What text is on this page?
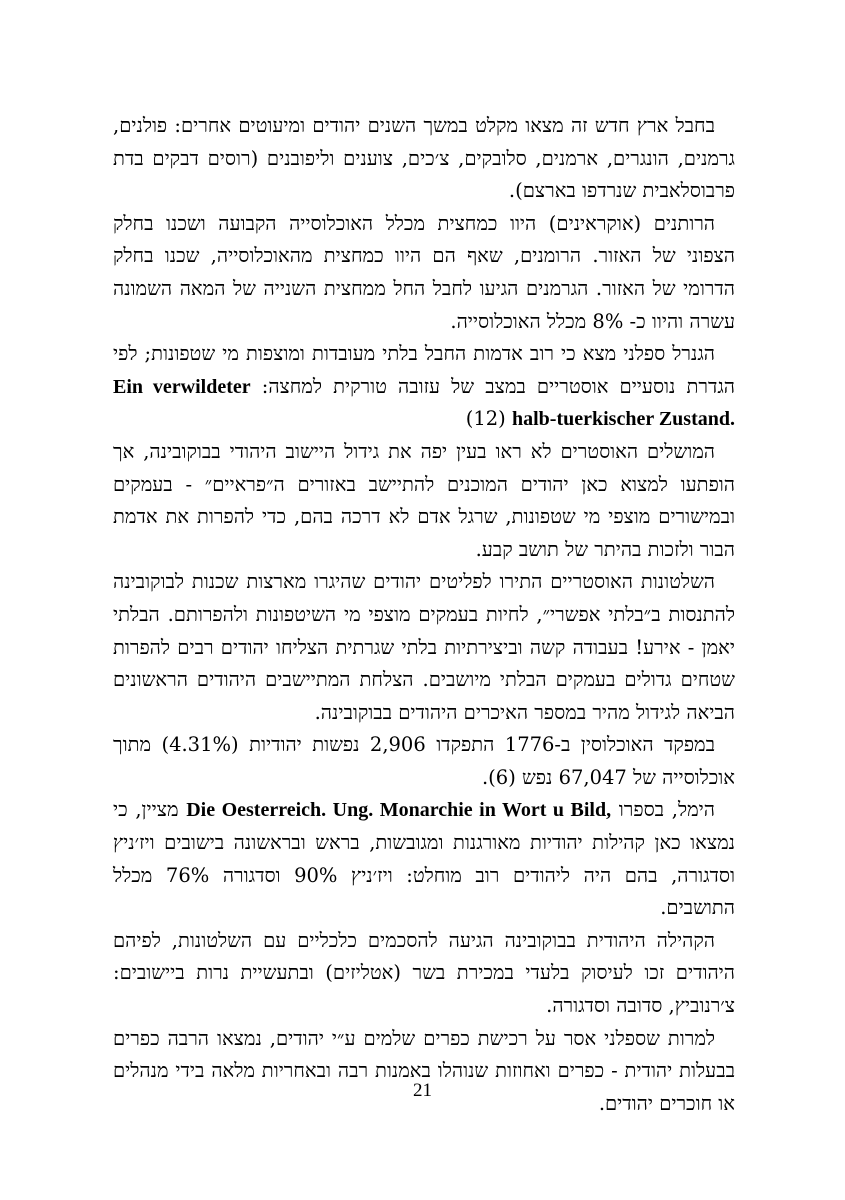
בחבל ארץ חדש זה מצאו מקלט במשך השנים יהודים ומיעוטים אחרים: פולנים, גרמנים, הונגרים, ארמנים, סלובקים, צ׳כים, צוענים וליפובנים (רוסים דבקים בדת פרבוסלאבית שנרדפו בארצם).

הרותנים (אוקראינים) היוו כמחצית מכלל האוכלוסייה הקבועה ושכנו בחלק הצפוני של האזור. הרומנים, שאף הם היוו כמחצית מהאוכלוסייה, שכנו בחלק הדרומי של האזור. הגרמנים הגיעו לחבל החל ממחצית השנייה של המאה השמונה עשרה והיוו כ- 8% מכלל האוכלוסייה.

הגנרל ספלני מצא כי רוב אדמות החבל בלתי מעובדות ומוצפות מי שטפונות; לפי הגדרת נוסעיים אוסטריים במצב של עזובה טורקית למחצה: Ein verwildeter halb-tuerkischer Zustand. (12)

המושלים האוסטרים לא ראו בעין יפה את גידול היישוב היהודי בבוקובינה, אך הופתעו למצוא כאן יהודים המוכנים להתיישב באזורים ה״פראיים״ - בעמקים ובמישורים מוצפי מי שטפונות, שרגל אדם לא דרכה בהם, כדי להפרות את אדמת הבור ולזכות בהיתר של תושב קבע.

השלטונות האוסטריים התירו לפליטים יהודים שהיגרו מארצות שכנות לבוקובינה להתנסות ב״בלתי אפשרי״, לחיות בעמקים מוצפי מי השיטפונות ולהפרותם. הבלתי יאמן - אירע! בעבודה קשה וביצירתיות בלתי שגרתית הצליחו יהודים רבים להפרות שטחים גדולים בעמקים הבלתי מיושבים. הצלחת המתיישבים היהודים הראשונים הביאה לגידול מהיר במספר האיכרים היהודים בבוקובינה.

במפקד האוכלוסין ב-1776 התפקדו 2,906 נפשות יהודיות (4.31%) מתוך אוכלוסייה של 67,047 נפש (6).

הימל, בספרו Die Oesterreich. Ung. Monarchie in Wort u Bild, מציין, כי נמצאו כאן קהילות יהודיות מאורגנות ומגובשות, בראש ובראשונה בישובים ויז׳ניץ וסדגורה, בהם היה ליהודים רוב מוחלט: ויז׳ניץ 90% וסדגורה 76% מכלל התושבים.

הקהילה היהודית בבוקובינה הגיעה להסכמים כלכליים עם השלטונות, לפיהם היהודים זכו לעיסוק בלעדי במכירת בשר (אטליזים) ובתעשיית נרות ביישובים: צ׳רנוביץ, סדובה וסדגורה.

למרות שספלני אסר על רכישת כפרים שלמים ע״י יהודים, נמצאו הרבה כפרים בבעלות יהודית - כפרים ואחוזות שנוהלו באמנות רבה ובאחריות מלאה בידי מנהלים או חוכרים יהודים.

21
